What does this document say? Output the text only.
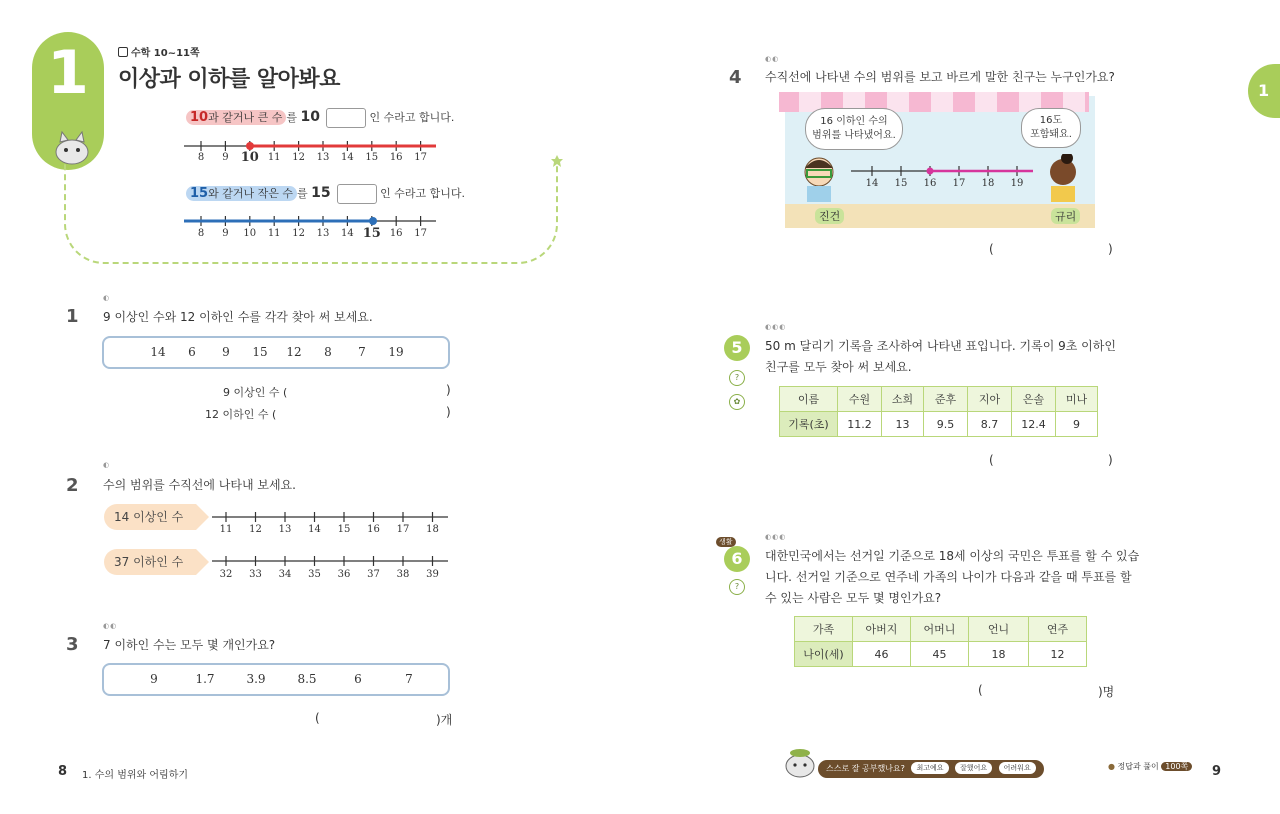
1	수학 10~11쪽
이상과 이하를 알아봐요
10과 같거나 큰 수 를 10	인 수라고 합니다.
8 9 10 11 12 13 14 15 16 17
15와 같거나 작은 수 를 15	인 수라고 합니다.
8 9 10 11 12 13 14 15 16 17
◐
1 9 이상인 수와 12 이하인 수를 각각 찾아 써 보세요.
14 6 9 15 12 8 7 19
9 이상인 수 (	)
12 이하인 수 (	)
◐
2 수의 범위를 수직선에 나타내 보세요.
14 이상인 수
11 12 13 14 15 16 17 18
37 이하인 수
32 33 34 35 36 37 38 39
◐◐
3 7 이하인 수는 모두 몇 개인가요?
9	1.7	3.9	8.5	6	7
(	)개
8 1. 수의 범위와 어림하기
1
◐◐
4 수직선에 나타낸 수의 범위를 보고 바르게 말한 친구는 누구인가요?
16 이하인 수의
범위를 나타냈어요.
16도
포함돼요.
14 15 16 17 18 19
진건	규리
(	)
◐◐◐
5
?
✿
50 m 달리기 기록을 조사하여 나타낸 표입니다. 기록이 9초 이하인
친구를 모두 찾아 써 보세요.
이름	수원	소희	준후	지아	은솔	미나
기록(초)	11.2	13	9.5	8.7	12.4	9
(	)
생활
◐◐◐
6
?
대한민국에서는 선거일 기준으로 18세 이상의 국민은 투표를 할 수 있습
니다. 선거일 기준으로 연주네 가족의 나이가 다음과 같을 때 투표를 할
수 있는 사람은 모두 몇 명인가요?
가족	아버지	어머니	언니	연주
나이(세)	46	45	18	12
(	)명
스스로 잘 공부했나요? 최고예요 잘했어요 어려워요	● 정답과 풀이 100쪽	9
